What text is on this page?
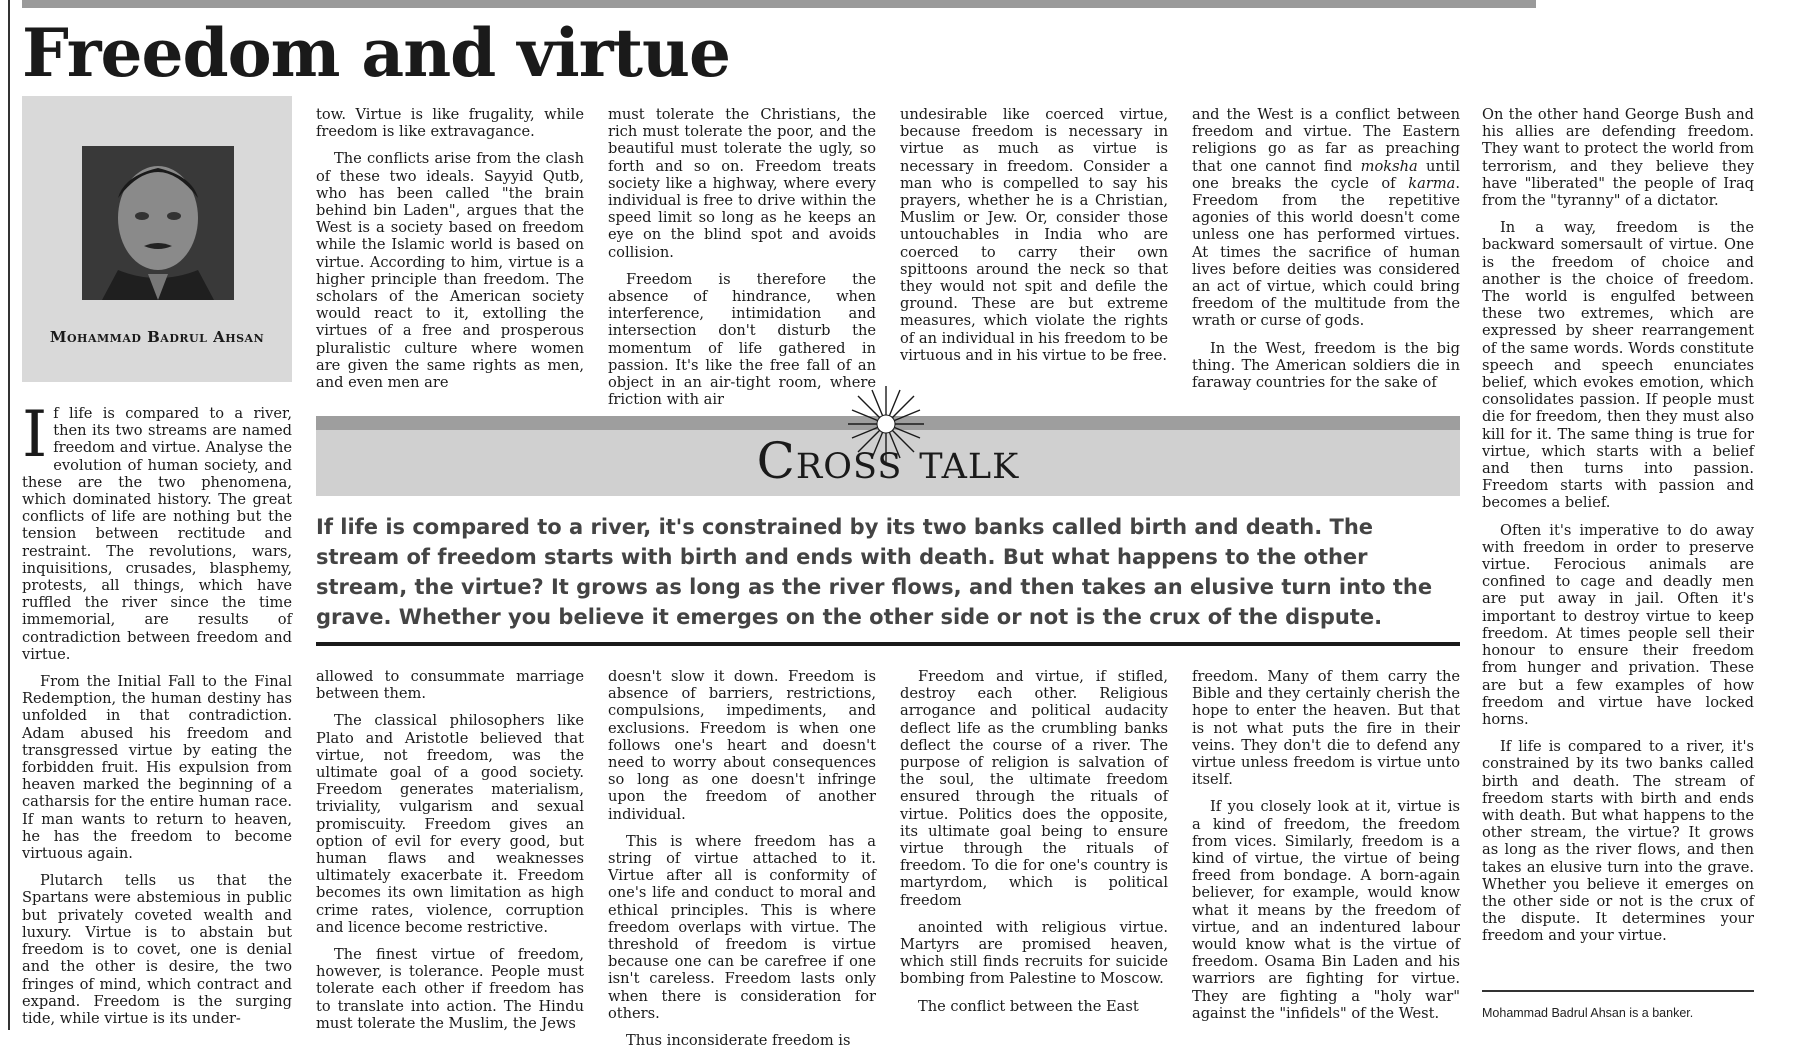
Freedom and virtue
Mohammad Badrul Ahsan

If life is compared to a river, then its two streams are named freedom and virtue. Analyse the evolution of human society, and these are the two phenomena, which dominated history. The great conflicts of life are nothing but the tension between rectitude and restraint. The revolutions, wars, inquisitions, crusades, blasphemy, protests, all things, which have ruffled the river since the time immemorial, are results of contradiction between freedom and virtue.

From the Initial Fall to the Final Redemption, the human destiny has unfolded in that contradiction. Adam abused his freedom and transgressed virtue by eating the forbidden fruit. His expulsion from heaven marked the beginning of a catharsis for the entire human race. If man wants to return to heaven, he has the freedom to become virtuous again.

Plutarch tells us that the Spartans were abstemious in public but privately coveted wealth and luxury. Virtue is to abstain but freedom is to covet, one is denial and the other is desire, the two fringes of mind, which contract and expand. Freedom is the surging tide, while virtue is its under-

tow. Virtue is like frugality, while freedom is like extravagance.

The conflicts arise from the clash of these two ideals. Sayyid Qutb, who has been called "the brain behind bin Laden", argues that the West is a society based on freedom while the Islamic world is based on virtue. According to him, virtue is a higher principle than freedom. The scholars of the American society would react to it, extolling the virtues of a free and prosperous pluralistic culture where women are given the same rights as men, and even men are

must tolerate the Christians, the rich must tolerate the poor, and the beautiful must tolerate the ugly, so forth and so on. Freedom treats society like a highway, where every individual is free to drive within the speed limit so long as he keeps an eye on the blind spot and avoids collision.

Freedom is therefore the absence of hindrance, when interference, intimidation and intersection don't disturb the momentum of life gathered in passion. It's like the free fall of an object in an air-tight room, where friction with air

undesirable like coerced virtue, because freedom is necessary in virtue as much as virtue is necessary in freedom. Consider a man who is compelled to say his prayers, whether he is a Christian, Muslim or Jew. Or, consider those untouchables in India who are coerced to carry their own spittoons around the neck so that they would not spit and defile the ground. These are but extreme measures, which violate the rights of an individual in his freedom to be virtuous and in his virtue to be free.

and the West is a conflict between freedom and virtue. The Eastern religions go as far as preaching that one cannot find moksha until one breaks the cycle of karma. Freedom from the repetitive agonies of this world doesn't come unless one has performed virtues. At times the sacrifice of human lives before deities was considered an act of virtue, which could bring freedom of the multitude from the wrath or curse of gods.

In the West, freedom is the big thing. The American soldiers die in faraway countries for the sake of

Cross talk
If life is compared to a river, it's constrained by its two banks called birth and death. The stream of freedom starts with birth and ends with death. But what happens to the other stream, the virtue? It grows as long as the river flows, and then takes an elusive turn into the grave. Whether you believe it emerges on the other side or not is the crux of the dispute.

allowed to consummate marriage between them.

The classical philosophers like Plato and Aristotle believed that virtue, not freedom, was the ultimate goal of a good society. Freedom generates materialism, triviality, vulgarism and sexual promiscuity. Freedom gives an option of evil for every good, but human flaws and weaknesses ultimately exacerbate it. Freedom becomes its own limitation as high crime rates, violence, corruption and licence become restrictive.

The finest virtue of freedom, however, is tolerance. People must tolerate each other if freedom has to translate into action. The Hindu must tolerate the Muslim, the Jews

doesn't slow it down. Freedom is absence of barriers, restrictions, compulsions, impediments, and exclusions. Freedom is when one follows one's heart and doesn't need to worry about consequences so long as one doesn't infringe upon the freedom of another individual.

This is where freedom has a string of virtue attached to it. Virtue after all is conformity of one's life and conduct to moral and ethical principles. This is where freedom overlaps with virtue. The threshold of freedom is virtue because one can be carefree if one isn't careless. Freedom lasts only when there is consideration for others.

Thus inconsiderate freedom is

Freedom and virtue, if stifled, destroy each other. Religious arrogance and political audacity deflect life as the crumbling banks deflect the course of a river. The purpose of religion is salvation of the soul, the ultimate freedom ensured through the rituals of virtue. Politics does the opposite, its ultimate goal being to ensure virtue through the rituals of freedom. To die for one's country is martyrdom, which is political freedom

anointed with religious virtue. Martyrs are promised heaven, which still finds recruits for suicide bombing from Palestine to Moscow.

The conflict between the East

freedom. Many of them carry the Bible and they certainly cherish the hope to enter the heaven. But that is not what puts the fire in their veins. They don't die to defend any virtue unless freedom is virtue unto itself.

If you closely look at it, virtue is a kind of freedom, the freedom from vices. Similarly, freedom is a kind of virtue, the virtue of being freed from bondage. A born-again believer, for example, would know what it means by the freedom of virtue, and an indentured labour would know what is the virtue of freedom. Osama Bin Laden and his warriors are fighting for virtue. They are fighting a "holy war" against the "infidels" of the West.

On the other hand George Bush and his allies are defending freedom. They want to protect the world from terrorism, and they believe they have "liberated" the people of Iraq from the "tyranny" of a dictator.

In a way, freedom is the backward somersault of virtue. One is the freedom of choice and another is the choice of freedom. The world is engulfed between these two extremes, which are expressed by sheer rearrangement of the same words. Words constitute speech and speech enunciates belief, which evokes emotion, which consolidates passion. If people must die for freedom, then they must also kill for it. The same thing is true for virtue, which starts with a belief and then turns into passion. Freedom starts with passion and becomes a belief.

Often it's imperative to do away with freedom in order to preserve virtue. Ferocious animals are confined to cage and deadly men are put away in jail. Often it's important to destroy virtue to keep freedom. At times people sell their honour to ensure their freedom from hunger and privation. These are but a few examples of how freedom and virtue have locked horns.

If life is compared to a river, it's constrained by its two banks called birth and death. The stream of freedom starts with birth and ends with death. But what happens to the other stream, the virtue? It grows as long as the river flows, and then takes an elusive turn into the grave. Whether you believe it emerges on the other side or not is the crux of the dispute. It determines your freedom and your virtue.

Mohammad Badrul Ahsan is a banker.
